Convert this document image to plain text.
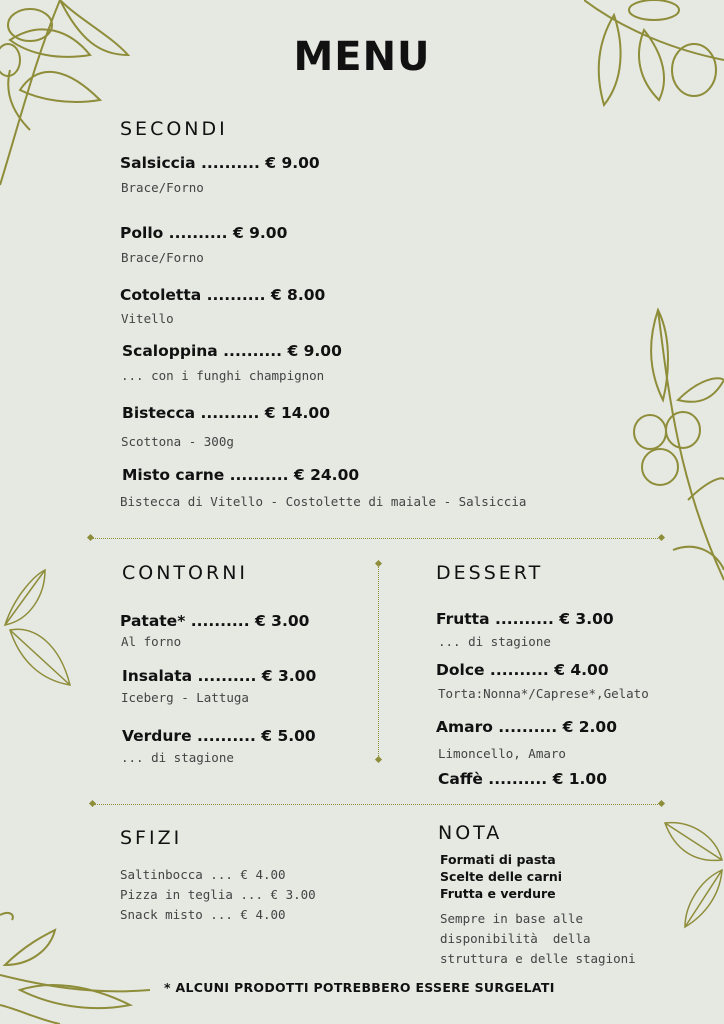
MENU
SECONDI
Salsiccia .......... € 9.00
Brace/Forno
Pollo .......... € 9.00
Brace/Forno
Cotoletta .......... € 8.00
Vitello
Scaloppina .......... € 9.00
... con i funghi champignon
Bistecca .......... € 14.00
Scottona - 300g
Misto carne .......... € 24.00
Bistecca di Vitello - Costolette di maiale - Salsiccia
CONTORNI
Patate* .......... € 3.00
Al forno
Insalata .......... € 3.00
Iceberg - Lattuga
Verdure .......... € 5.00
... di stagione
DESSERT
Frutta .......... € 3.00
... di stagione
Dolce .......... € 4.00
Torta:Nonna*/Caprese*,Gelato
Amaro .......... € 2.00
Limoncello, Amaro
Caffè .......... € 1.00
SFIZI
Saltinbocca ... € 4.00
Pizza in teglia ... € 3.00
Snack misto ... € 4.00
NOTA
Formati di pasta
Scelte delle carni
Frutta e verdure
Sempre in base alle
disponibilità  della
struttura e delle stagioni
* ALCUNI PRODOTTI POTREBBERO ESSERE SURGELATI
